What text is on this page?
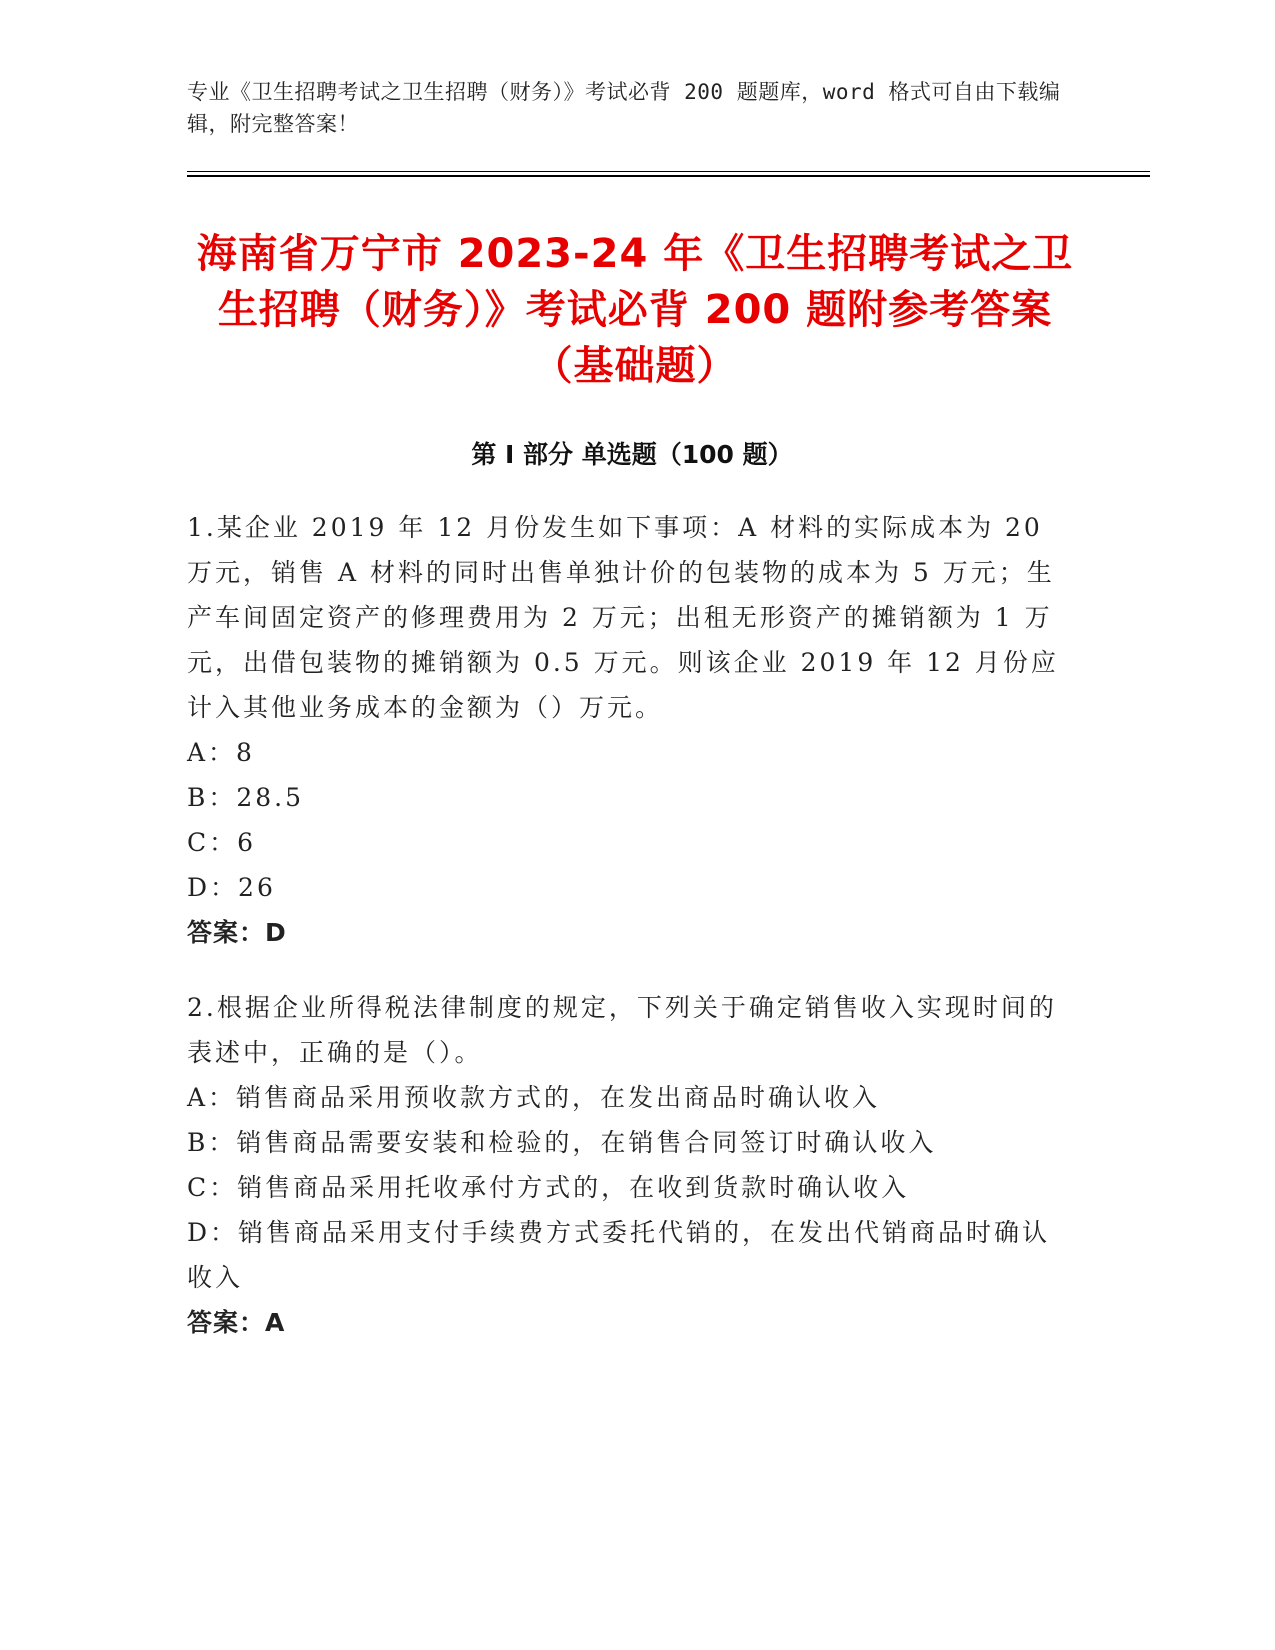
专业《卫生招聘考试之卫生招聘（财务）》考试必背 200 题题库，word 格式可自由下载编辑，附完整答案！
海南省万宁市 2023-24 年《卫生招聘考试之卫生招聘（财务）》考试必背 200 题附参考答案（基础题）
第 I 部分 单选题（100 题）

1.某企业 2019 年 12 月份发生如下事项：A 材料的实际成本为 20 万元，销售 A 材料的同时出售单独计价的包装物的成本为 5 万元；生产车间固定资产的修理费用为 2 万元；出租无形资产的摊销额为 1 万元，出借包装物的摊销额为 0.5 万元。则该企业 2019 年 12 月份应计入其他业务成本的金额为（）万元。

A：8

B：28.5

C：6

D：26

答案：D

2.根据企业所得税法律制度的规定，下列关于确定销售收入实现时间的表述中，正确的是（）。

A：销售商品采用预收款方式的，在发出商品时确认收入

B：销售商品需要安装和检验的，在销售合同签订时确认收入

C：销售商品采用托收承付方式的，在收到货款时确认收入

D：销售商品采用支付手续费方式委托代销的，在发出代销商品时确认收入

答案：A
